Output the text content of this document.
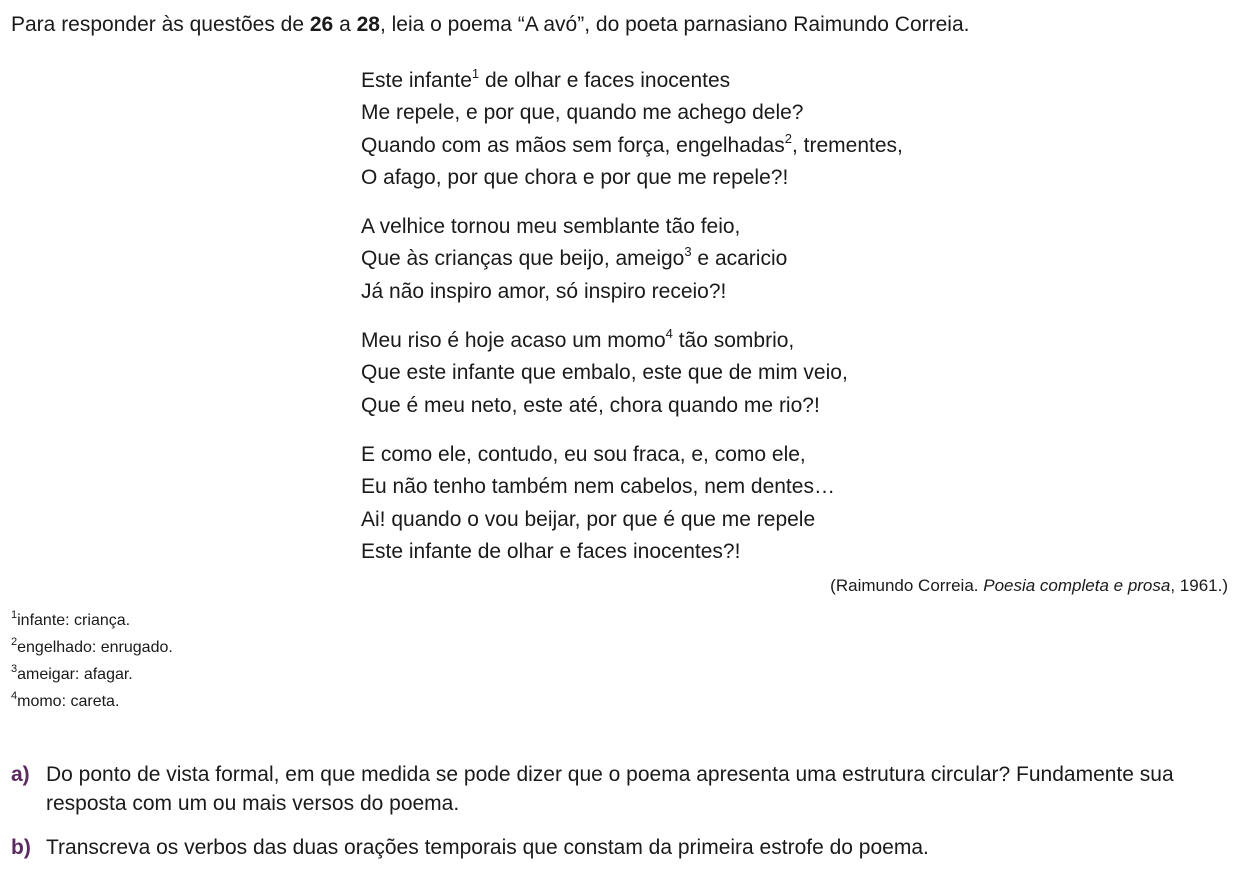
Para responder às questões de 26 a 28, leia o poema “A avó”, do poeta parnasiano Raimundo Correia.
Este infante$^1$ de olhar e faces inocentes
Me repele, e por que, quando me achego dele?
Quando com as mãos sem força, engelhadas$^2$, trementes,
O afago, por que chora e por que me repele?!
A velhice tornou meu semblante tão feio,
Que às crianças que beijo, ameigo$^3$ e acaricio
Já não inspiro amor, só inspiro receio?!
Meu riso é hoje acaso um momo$^4$ tão sombrio,
Que este infante que embalo, este que de mim veio,
Que é meu neto, este até, chora quando me rio?!
E como ele, contudo, eu sou fraca, e, como ele,
Eu não tenho também nem cabelos, nem dentes…
Ai! quando o vou beijar, por que é que me repele
Este infante de olhar e faces inocentes?!
(Raimundo Correia. Poesia completa e prosa, 1961.)
$^1$infante: criança.
$^2$engelhado: enrugado.
$^3$ameigar: afagar.
$^4$momo: careta.
a) Do ponto de vista formal, em que medida se pode dizer que o poema apresenta uma estrutura circular? Fundamente sua resposta com um ou mais versos do poema.
b) Transcreva os verbos das duas orações temporais que constam da primeira estrofe do poema.
